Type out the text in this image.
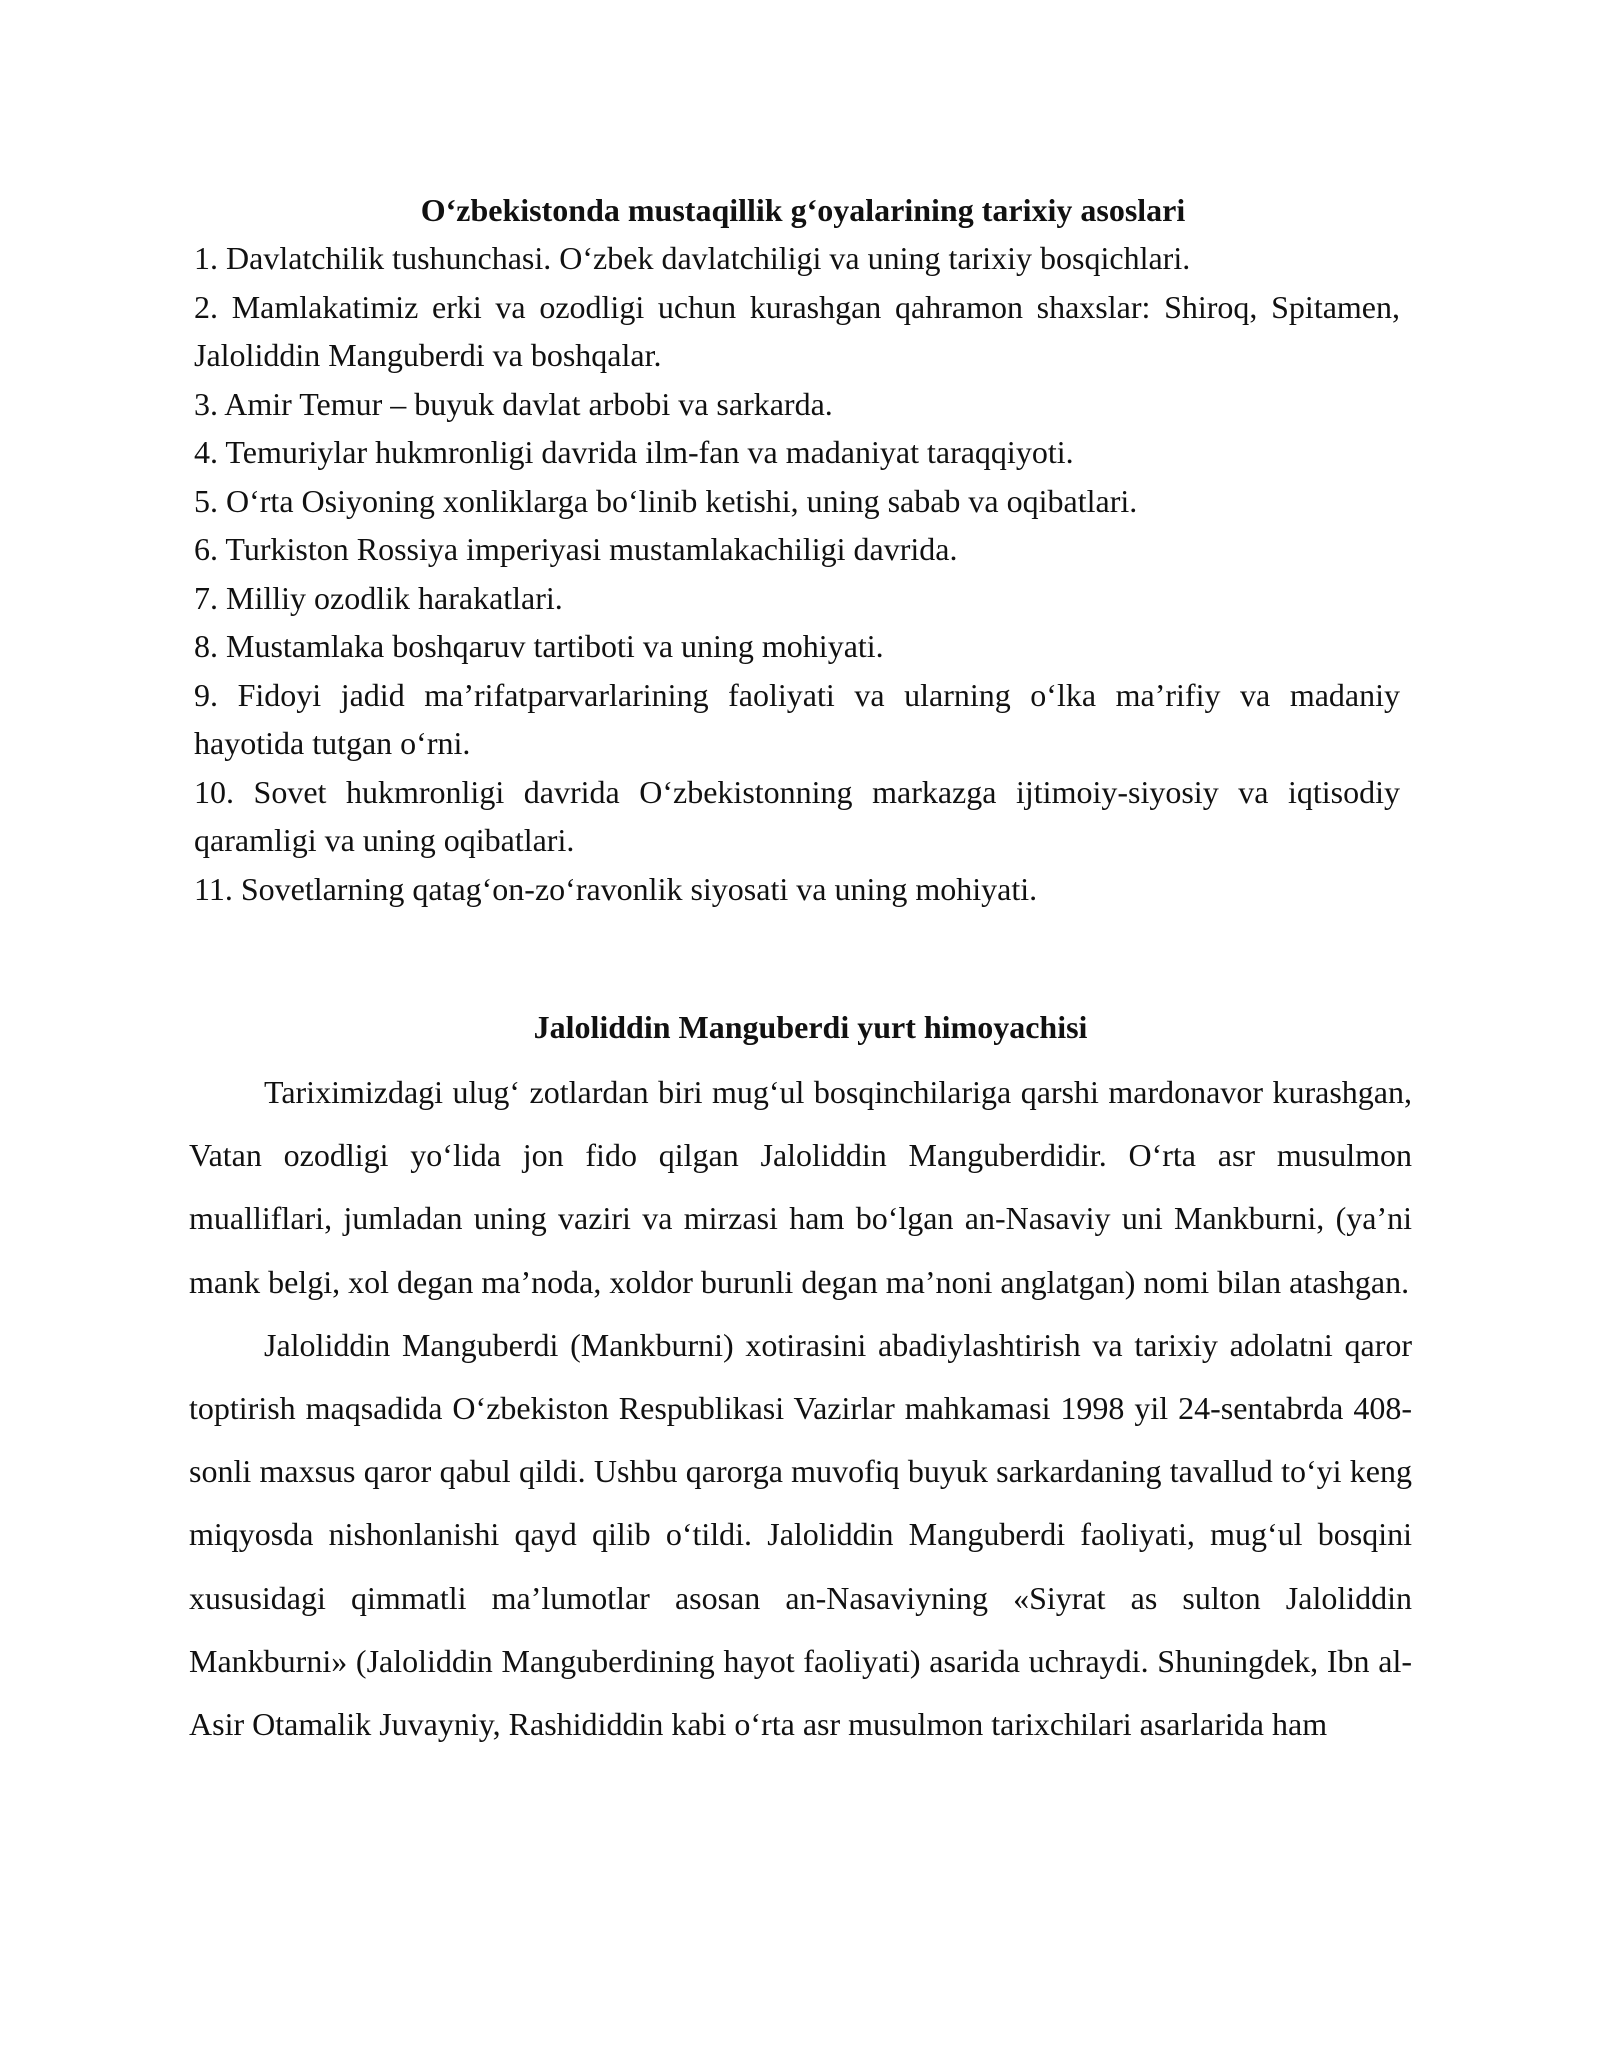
O‘zbekistonda mustaqillik g‘oyalarining tarixiy asoslari
1. Davlatchilik tushunchasi. O‘zbek davlatchiligi va uning tarixiy bosqichlari.
2. Mamlakatimiz erki va ozodligi uchun kurashgan qahramon shaxslar: Shiroq, Spitamen, Jaloliddin Manguberdi va boshqalar.
3. Amir Temur – buyuk davlat arbobi va sarkarda.
4. Temuriylar hukmronligi davrida ilm-fan va madaniyat taraqqiyoti.
5. O‘rta Osiyoning xonliklarga bo‘linib ketishi, uning sabab va oqibatlari.
6. Turkiston Rossiya imperiyasi mustamlakachiligi davrida.
7. Milliy ozodlik harakatlari.
8. Mustamlaka boshqaruv tartiboti va uning mohiyati.
9. Fidoyi jadid ma’rifatparvarlarining faoliyati va ularning o‘lka ma’rifiy va madaniy hayotida tutgan o‘rni.
10. Sovet hukmronligi davrida O‘zbekistonning markazga ijtimoiy-siyosiy va iqtisodiy qaramligi va uning oqibatlari.
11. Sovetlarning qatag‘on-zo‘ravonlik siyosati va uning mohiyati.
Jaloliddin Manguberdi yurt himoyachisi

Tariximizdagi ulug‘ zotlardan biri mug‘ul bosqinchilariga qarshi mardonavor kurashgan, Vatan ozodligi yo‘lida jon fido qilgan Jaloliddin Manguberdidir. O‘rta asr musulmon mualliflari, jumladan uning vaziri va mirzasi ham bo‘lgan an-Nasaviy uni Mankburni, (ya’ni mank belgi, xol degan ma’noda, xoldor burunli degan ma’noni anglatgan) nomi bilan atashgan.

Jaloliddin Manguberdi (Mankburni) xotirasini abadiylashtirish va tarixiy adolatni qaror toptirish maqsadida O‘zbekiston Respublikasi Vazirlar mahkamasi 1998 yil 24-sentabrda 408-sonli maxsus qaror qabul qildi. Ushbu qarorga muvofiq buyuk sarkardaning tavallud to‘yi keng miqyosda nishonlanishi qayd qilib o‘tildi. Jaloliddin Manguberdi faoliyati, mug‘ul bosqini xususidagi qimmatli ma’lumotlar asosan an-Nasaviyning «Siyrat as sulton Jaloliddin Mankburni» (Jaloliddin Manguberdining hayot faoliyati) asarida uchraydi. Shuningdek, Ibn al-Asir Otamalik Juvayniy, Rashididdin kabi o‘rta asr musulmon tarixchilari asarlarida ham
